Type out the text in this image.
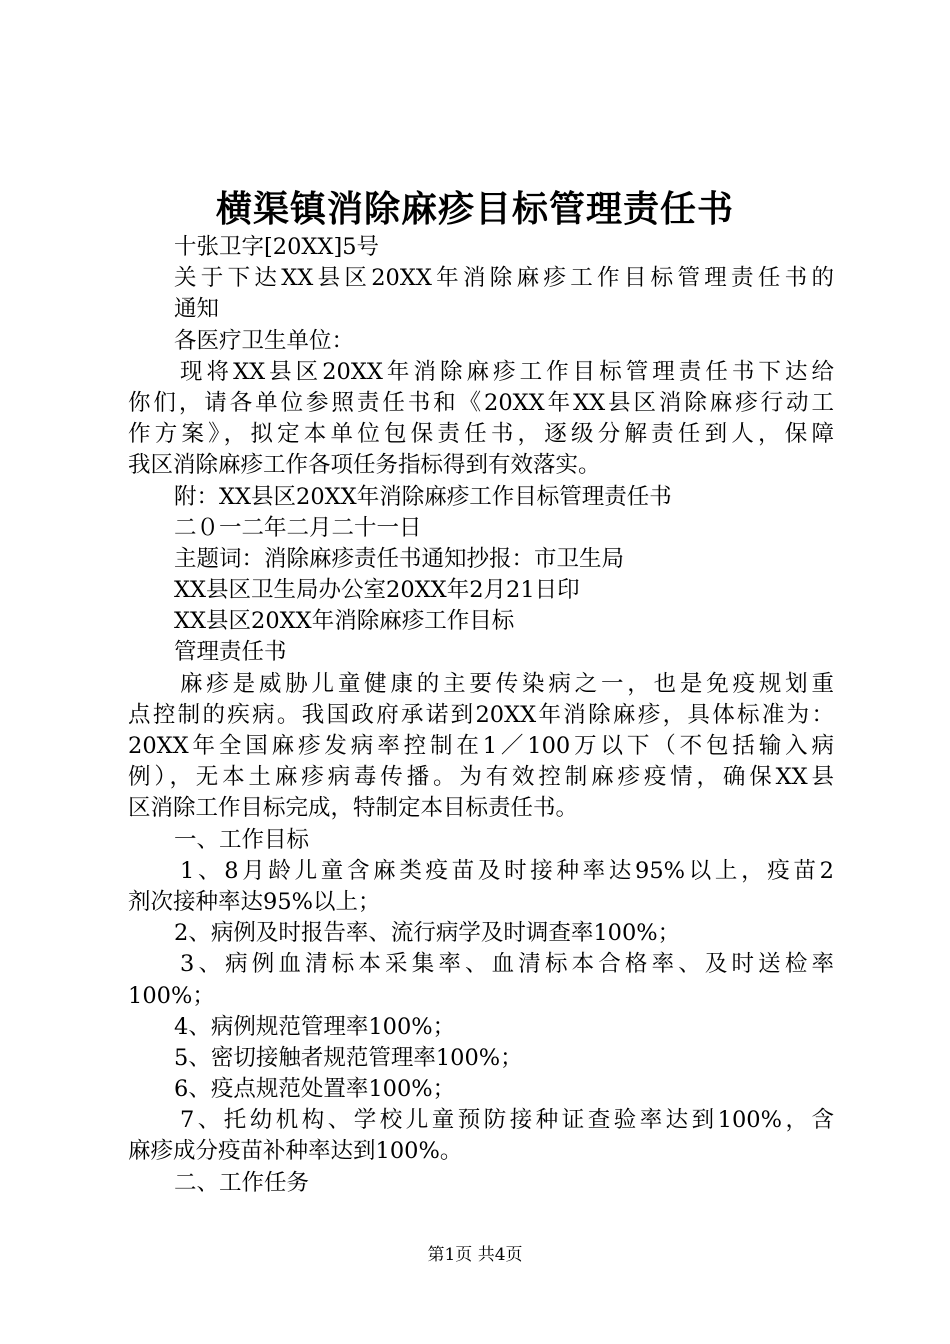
横渠镇消除麻疹目标管理责任书
十张卫字[20XX]5号
关于下达XX县区20XX年消除麻疹工作目标管理责任书的
通知
各医疗卫生单位：
现将XX县区20XX年消除麻疹工作目标管理责任书下达给
你们，请各单位参照责任书和《20XX年XX县区消除麻疹行动工
作方案》，拟定本单位包保责任书，逐级分解责任到人，保障
我区消除麻疹工作各项任务指标得到有效落实。
附：XX县区20XX年消除麻疹工作目标管理责任书
二０一二年二月二十一日
主题词：消除麻疹责任书通知抄报：市卫生局
XX县区卫生局办公室20XX年2月21日印
XX县区20XX年消除麻疹工作目标
管理责任书
麻疹是威胁儿童健康的主要传染病之一，也是免疫规划重
点控制的疾病。我国政府承诺到20XX年消除麻疹，具体标准为：
20XX年全国麻疹发病率控制在1／100万以下（不包括输入病
例），无本土麻疹病毒传播。为有效控制麻疹疫情，确保XX县
区消除工作目标完成，特制定本目标责任书。
一、工作目标
1、8月龄儿童含麻类疫苗及时接种率达95%以上，疫苗2
剂次接种率达95%以上；
2、病例及时报告率、流行病学及时调查率100%；
3、病例血清标本采集率、血清标本合格率、及时送检率
100%；
4、病例规范管理率100%；
5、密切接触者规范管理率100%；
6、疫点规范处置率100%；
7、托幼机构、学校儿童预防接种证查验率达到100%，含
麻疹成分疫苗补种率达到100%。
二、工作任务
第1页 共4页
